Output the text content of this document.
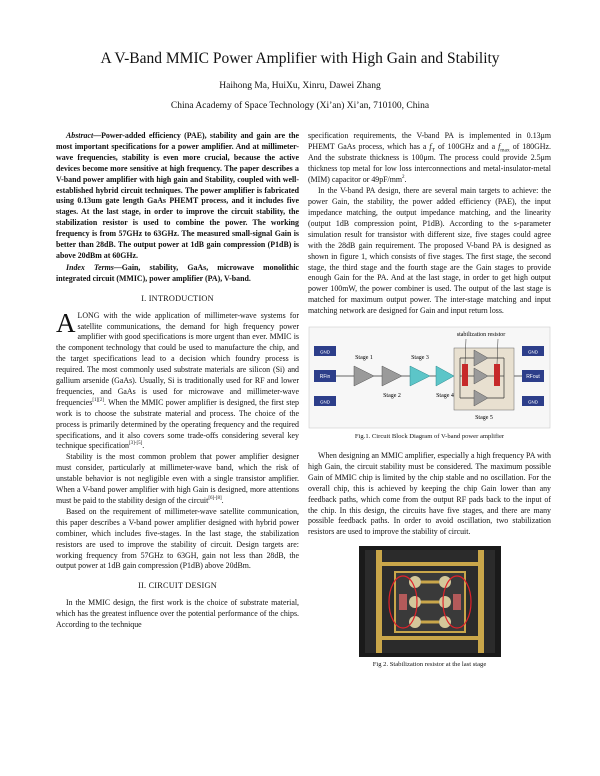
A V-Band MMIC Power Amplifier with High Gain and Stability
Haihong Ma, HuiXu, Xinru, Dawei Zhang
China Academy of Space Technology (Xi’an) Xi’an, 710100, China

Abstract—Power-added efficiency (PAE), stability and gain are the most important specifications for a power amplifier. And at millimeter-wave frequencies, stability is even more crucial, because the active devices become more sensitive at high frequency. The paper describes a V-band power amplifier with high gain and Stability, coupled with well-established hybrid circuit techniques. The power amplifier is fabricated using 0.13um gate length GaAs PHEMT process, and it includes five stages. At the last stage, in order to improve the circuit stability, the stabilization resistor is used to combine the power. The working frequency is from 57GHz to 63GHz. The measured small-signal Gain is better than 28dB. The output power at 1dB gain compression (P1dB) is above 20dBm at 60GHz.

Index Terms—Gain, stability, GaAs, microwave monolithic integrated circuit (MMIC), power amplifier (PA), V-band.

I. INTRODUCTION

ALONG with the wide application of millimeter-wave systems for satellite communications, the demand for high frequency power amplifier with good specifications is more urgent than ever. MMIC is the component technology that could be used to manufacture the chip, and the target specifications lead to a decision which foundry process is required. The most commonly used substrate materials are silicon (Si) and gallium arsenide (GaAs). Usually, Si is traditionally used for RF and lower frequencies, and GaAs is used for microwave and millimeter-wave frequencies[1][2]. When the MMIC power amplifier is designed, the first step work is to choose the substrate material and process. The choice of the process is primarily determined by the operating frequency and the required specifications, and it also covers some trade-offs considering several key technique specification[3]-[5].

Stability is the most common problem that power amplifier designer must consider, particularly at millimeter-wave band, which the risk of unstable behavior is not negligible even with a single transistor amplifier. When a V-band power amplifier with high Gain is designed, more attentions must be paid to the stability design of the circuit[6]-[8].

Based on the requirement of millimeter-wave satellite communication, this paper describes a V-band power amplifier designed with hybrid power combiner, which includes five-stages. In the last stage, the stabilization resistors are used to improve the stability of circuit. Design targets are: working frequency from 57GHz to 63GH, gain not less than 28dB, the output power at 1dB gain compression (P1dB) above 20dBm.

II. CIRCUIT DESIGN

In the MMIC design, the first work is the choice of substrate material, which has the greatest influence over the potential performance of the chips. According to the technique

specification requirements, the V-band PA is implemented in 0.13μm PHEMT GaAs process, which has a $f_T$ of 100GHz and a $f_{max}$ of 180GHz. And the substrate thickness is 100μm. The process could provide 2.5μm thickness top metal for low loss interconnections and metal-insulator-metal (MIM) capacitor or $49pF/mm^2$.

In the V-band PA design, there are several main targets to achieve: the power Gain, the stability, the power added efficiency (PAE), the input impedance matching, the output impedance matching, and the linearity (output 1dB compression point, P1dB). According to the s-parameter simulation result for transistor with different size, five stages could agree with the 28dB gain requirement. The proposed V-band PA is designed as shown in figure 1, which consists of five stages. The first stage, the second stage, the third stage and the fourth stage are the Gain stages to provide enough Gain for the PA. And at the last stage, in order to get high output power 100mW, the power combiner is used. The output of the last stage is matched for maximum output power. The inter-stage matching and input matching network are designed for Gain and input return loss.

GND
RFin
GND
GND
RFout
GND
Stage 1
Stage 2
Stage 3
Stage 4
stabilization resistor
Stage 5
Fig.1. Circuit Block Diagram of V-band power amplifier

When designing an MMIC amplifier, especially a high frequency PA with high Gain, the circuit stability must be considered. The maximum possible Gain of MMIC chip is limited by the chip stable and no oscillation. For the overall chip, this is achieved by keeping the chip Gain lower than any feedback paths, which come from the output RF pads back to the input of the chip. In this design, the circuits have five stages, and there are many possible feedback paths. In order to avoid oscillation, two stabilization resistors are used to improve the stability of circuit.

Fig 2. Stabilization resistor at the last stage
